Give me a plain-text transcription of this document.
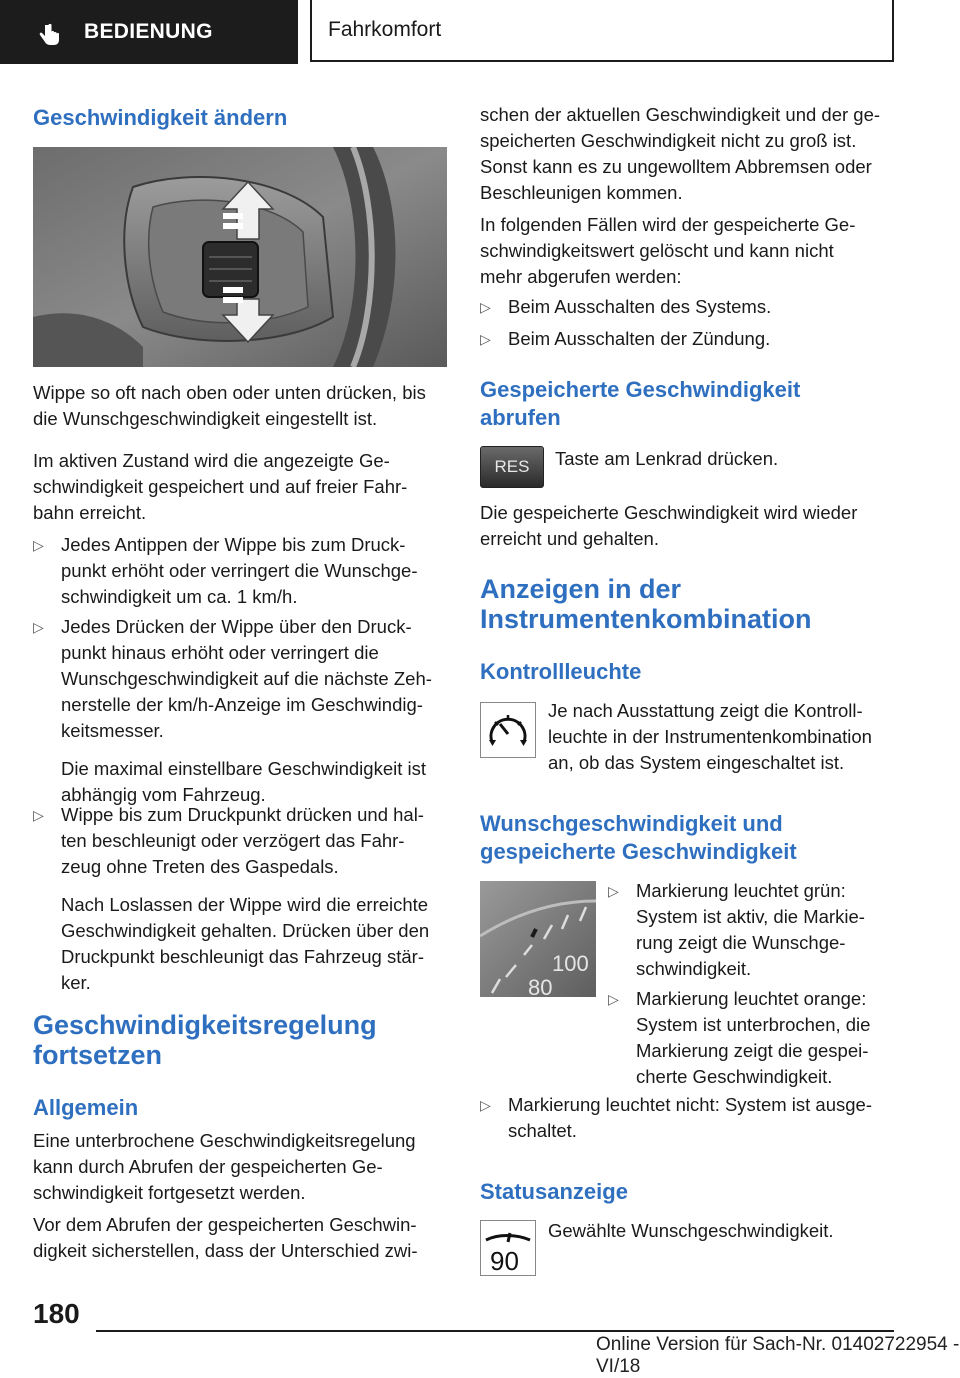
BEDIENUNG	Fahrkomfort
Geschwindigkeit ändern
Wippe so oft nach oben oder unten drücken, bis
die Wunschgeschwindigkeit eingestellt ist.
Im aktiven Zustand wird die angezeigte Ge-
schwindigkeit gespeichert und auf freier Fahr-
bahn erreicht.
▷ Jedes Antippen der Wippe bis zum Druck-
punkt erhöht oder verringert die Wunschge-
schwindigkeit um ca. 1 km/h.
▷ Jedes Drücken der Wippe über den Druck-
punkt hinaus erhöht oder verringert die
Wunschgeschwindigkeit auf die nächste Zeh-
nerstelle der km/h-Anzeige im Geschwindig-
keitsmesser.
Die maximal einstellbare Geschwindigkeit ist
abhängig vom Fahrzeug.
▷ Wippe bis zum Druckpunkt drücken und hal-
ten beschleunigt oder verzögert das Fahr-
zeug ohne Treten des Gaspedals.
Nach Loslassen der Wippe wird die erreichte
Geschwindigkeit gehalten. Drücken über den
Druckpunkt beschleunigt das Fahrzeug stär-
ker.
Geschwindigkeitsregelung
fortsetzen
Allgemein
Eine unterbrochene Geschwindigkeitsregelung
kann durch Abrufen der gespeicherten Ge-
schwindigkeit fortgesetzt werden.
Vor dem Abrufen der gespeicherten Geschwin-
digkeit sicherstellen, dass der Unterschied zwi-
schen der aktuellen Geschwindigkeit und der ge-
speicherten Geschwindigkeit nicht zu groß ist.
Sonst kann es zu ungewolltem Abbremsen oder
Beschleunigen kommen.
In folgenden Fällen wird der gespeicherte Ge-
schwindigkeitswert gelöscht und kann nicht
mehr abgerufen werden:
▷ Beim Ausschalten des Systems.
▷ Beim Ausschalten der Zündung.
Gespeicherte Geschwindigkeit
abrufen
RES	Taste am Lenkrad drücken.
Die gespeicherte Geschwindigkeit wird wieder
erreicht und gehalten.
Anzeigen in der
Instrumentenkombination
Kontrollleuchte
Je nach Ausstattung zeigt die Kontroll-
leuchte in der Instrumentenkombination
an, ob das System eingeschaltet ist.
Wunschgeschwindigkeit und
gespeicherte Geschwindigkeit
100
80
▷ Markierung leuchtet grün:
System ist aktiv, die Markie-
rung zeigt die Wunschge-
schwindigkeit.
▷ Markierung leuchtet orange:
System ist unterbrochen, die
Markierung zeigt die gespei-
cherte Geschwindigkeit.
▷ Markierung leuchtet nicht: System ist ausge-
schaltet.
Statusanzeige
90
Gewählte Wunschgeschwindigkeit.
180
Online Version für Sach-Nr. 01402722954 - VI/18
